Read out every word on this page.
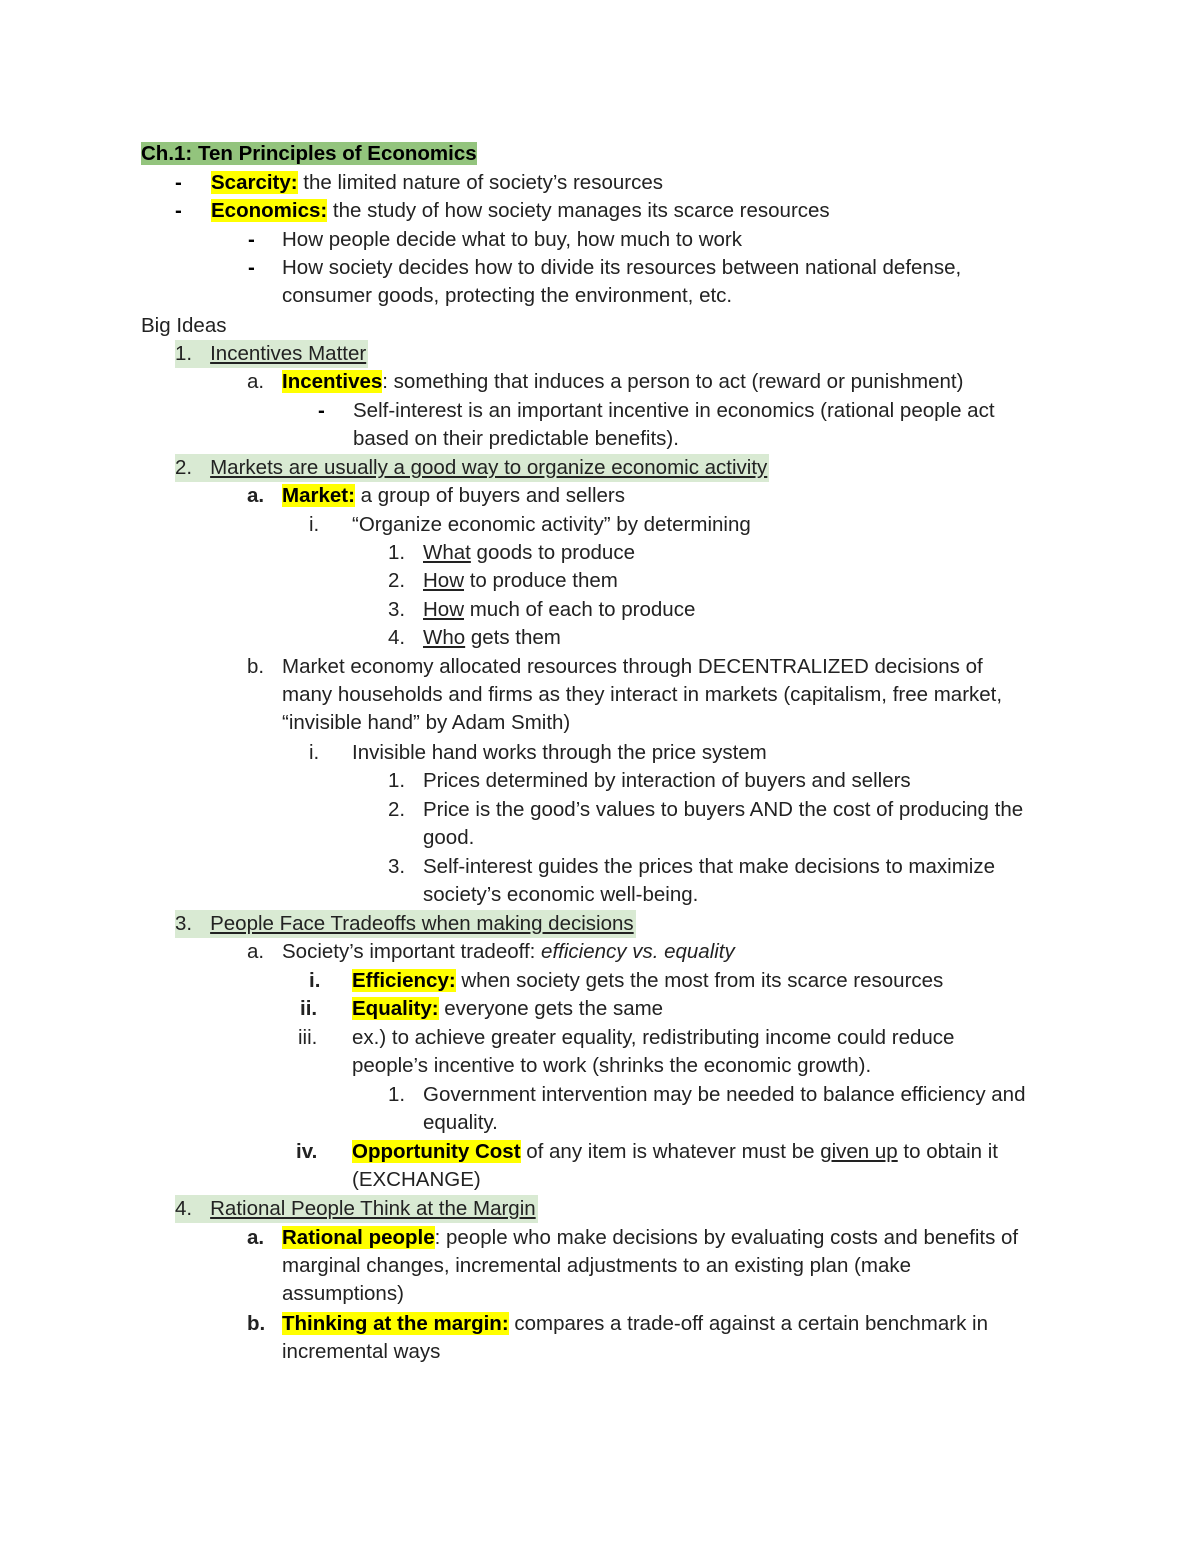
Ch.1: Ten Principles of Economics
- Scarcity: the limited nature of society’s resources
- Economics: the study of how society manages its scarce resources
- How people decide what to buy, how much to work
- How society decides how to divide its resources between national defense,
consumer goods, protecting the environment, etc.
Big Ideas
1. Incentives Matter
a. Incentives: something that induces a person to act (reward or punishment)
- Self-interest is an important incentive in economics (rational people act
based on their predictable benefits).
2. Markets are usually a good way to organize economic activity
a. Market: a group of buyers and sellers
i. “Organize economic activity” by determining
1. What goods to produce
2. How to produce them
3. How much of each to produce
4. Who gets them
b. Market economy allocated resources through DECENTRALIZED decisions of
many households and firms as they interact in markets (capitalism, free market,
“invisible hand” by Adam Smith)
i. Invisible hand works through the price system
1. Prices determined by interaction of buyers and sellers
2. Price is the good’s values to buyers AND the cost of producing the
good.
3. Self-interest guides the prices that make decisions to maximize
society’s economic well-being.
3. People Face Tradeoffs when making decisions
a. Society’s important tradeoff: efficiency vs. equality
i. Efficiency: when society gets the most from its scarce resources
ii. Equality: everyone gets the same
iii. ex.) to achieve greater equality, redistributing income could reduce
people’s incentive to work (shrinks the economic growth).
1. Government intervention may be needed to balance efficiency and
equality.
iv. Opportunity Cost of any item is whatever must be given up to obtain it
(EXCHANGE)
4. Rational People Think at the Margin
a. Rational people: people who make decisions by evaluating costs and benefits of
marginal changes, incremental adjustments to an existing plan (make
assumptions)
b. Thinking at the margin: compares a trade-off against a certain benchmark in
incremental ways
